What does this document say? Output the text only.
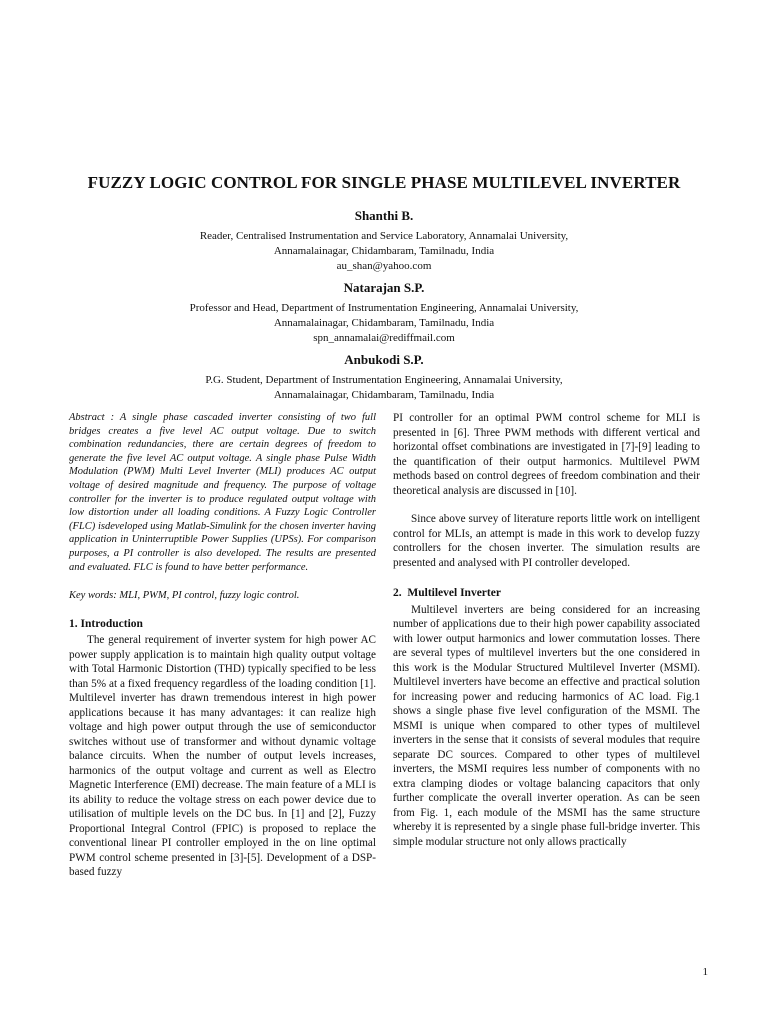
FUZZY LOGIC CONTROL FOR SINGLE PHASE MULTILEVEL INVERTER
Shanthi B.
Reader, Centralised Instrumentation and Service Laboratory, Annamalai University,
Annamalainagar, Chidambaram, Tamilnadu, India
au_shan@yahoo.com
Natarajan S.P.
Professor and Head, Department of Instrumentation Engineering, Annamalai University,
Annamalainagar, Chidambaram, Tamilnadu, India
spn_annamalai@rediffmail.com
Anbukodi S.P.
P.G. Student, Department of Instrumentation Engineering, Annamalai University,
Annamalainagar, Chidambaram, Tamilnadu, India

Abstract : A single phase cascaded inverter consisting of two full bridges creates a five level AC output voltage. Due to switch combination redundancies, there are certain degrees of freedom to generate the five level AC output voltage. A single phase Pulse Width Modulation (PWM) Multi Level Inverter (MLI) produces AC output voltage of desired magnitude and frequency. The purpose of voltage controller for the inverter is to produce regulated output voltage with low distortion under all loading conditions. A Fuzzy Logic Controller (FLC) isdeveloped using Matlab-Simulink for the chosen inverter having application in Uninterruptible Power Supplies (UPSs). For comparison purposes, a PI controller is also developed. The results are presented and evaluated. FLC is found to have better performance.

Key words: MLI, PWM, PI control, fuzzy logic control.

1. Introduction

The general requirement of inverter system for high power AC power supply application is to maintain high quality output voltage with Total Harmonic Distortion (THD) typically specified to be less than 5% at a fixed frequency regardless of the loading condition [1]. Multilevel inverter has drawn tremendous interest in high power applications because it has many advantages: it can realize high voltage and high power output through the use of semiconductor switches without use of transformer and without dynamic voltage balance circuits. When the number of output levels increases, harmonics of the output voltage and current as well as Electro Magnetic Interference (EMI) decrease. The main feature of a MLI is its ability to reduce the voltage stress on each power device due to utilisation of multiple levels on the DC bus. In [1] and [2], Fuzzy Proportional Integral Control (FPIC) is proposed to replace the conventional linear PI controller employed in the on line optimal PWM control scheme presented in [3]-[5]. Development of a DSP-based fuzzy

PI controller for an optimal PWM control scheme for MLI is presented in [6]. Three PWM methods with different vertical and horizontal offset combinations are investigated in [7]-[9] leading to the quantification of their output harmonics. Multilevel PWM methods based on control degrees of freedom combination and their theoretical analysis are discussed in [10].

Since above survey of literature reports little work on intelligent control for MLIs, an attempt is made in this work to develop fuzzy controllers for the chosen inverter. The simulation results are presented and analysed with PI controller developed.

2.  Multilevel Inverter

Multilevel inverters are being considered for an increasing number of applications due to their high power capability associated with lower output harmonics and lower commutation losses. There are several types of multilevel inverters but the one considered in this work is the Modular Structured Multilevel Inverter (MSMI). Multilevel inverters have become an effective and practical solution for increasing power and reducing harmonics of AC load. Fig.1 shows a single phase five level configuration of the MSMI. The MSMI is unique when compared to other types of multilevel inverters in the sense that it consists of several modules that require separate DC sources. Compared to other types of multilevel inverters, the MSMI requires less number of components with no extra clamping diodes or voltage balancing capacitors that only further complicate the overall inverter operation. As can be seen from Fig. 1, each module of the MSMI has the same structure whereby it is represented by a single phase full-bridge inverter. This simple modular structure not only allows practically

1
